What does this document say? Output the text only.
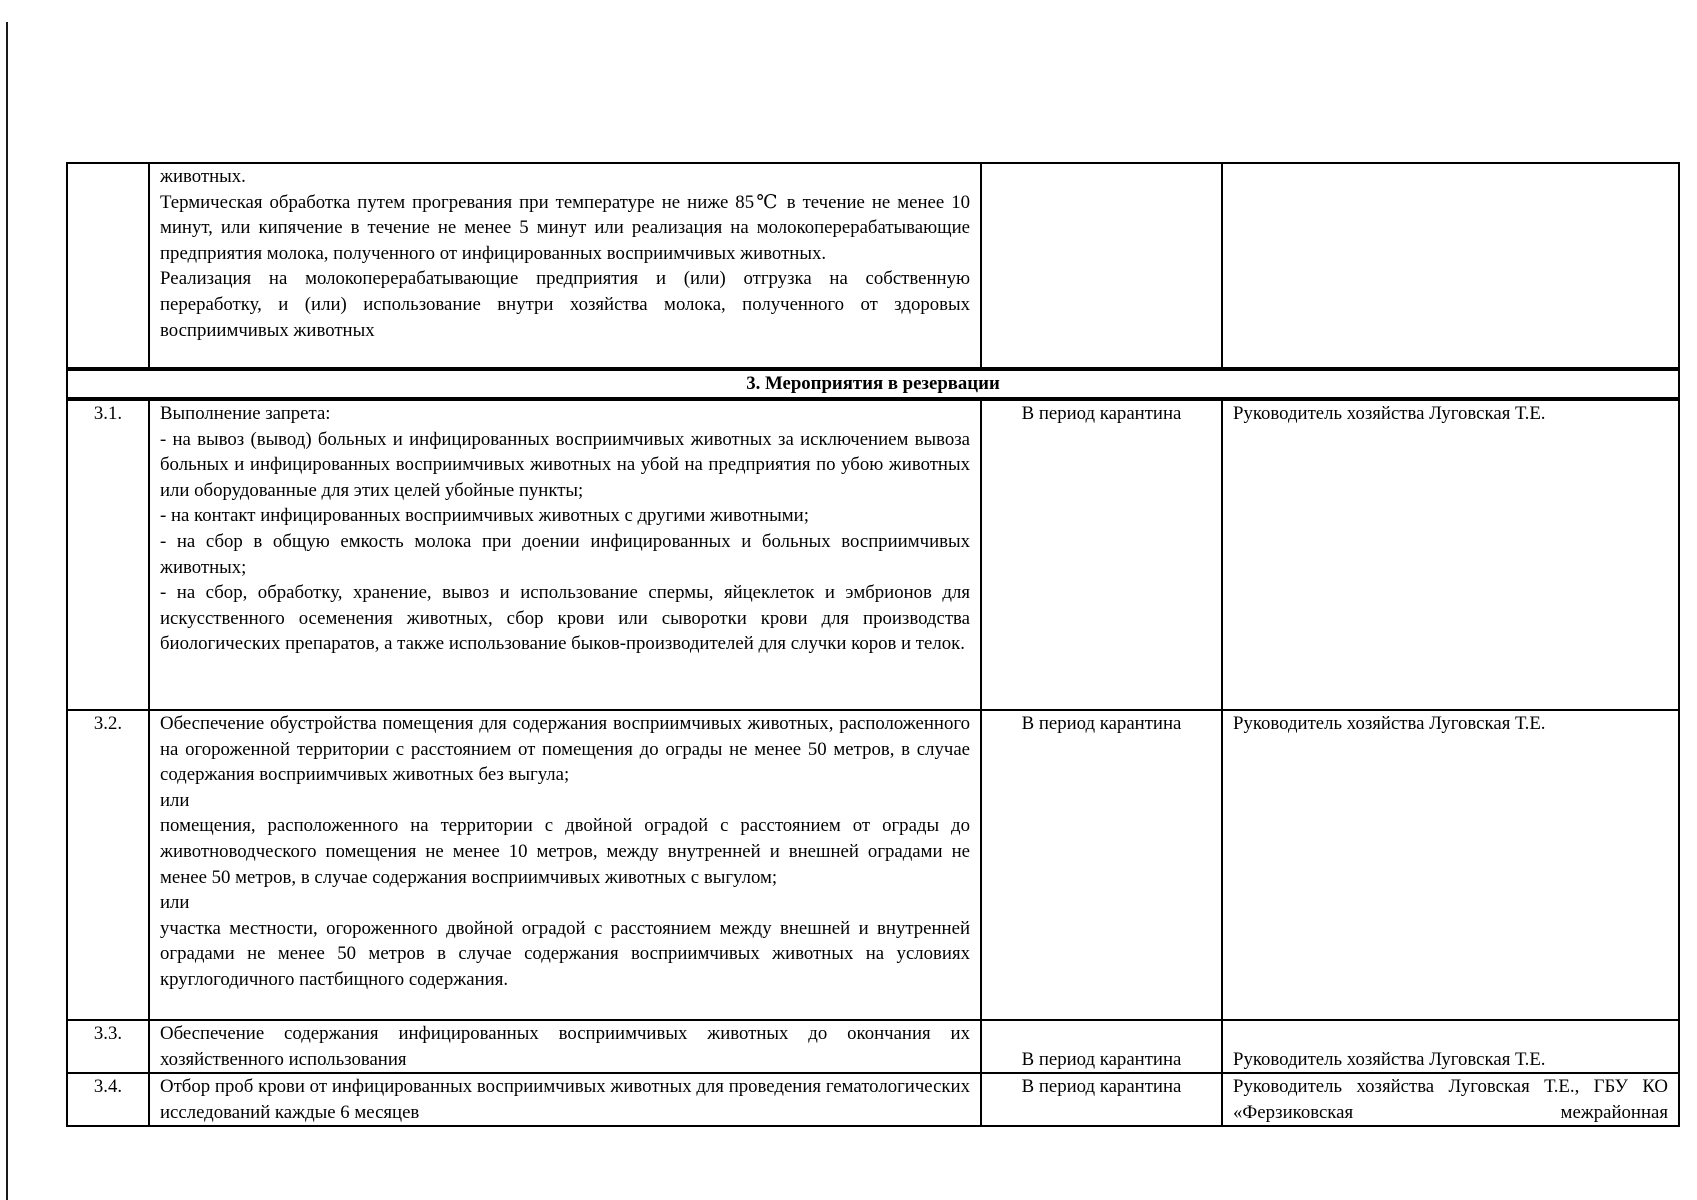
	животных.

Термическая обработка путем прогревания при температуре не ниже 85℃ в течение не менее 10 минут, или кипячение в течение не менее 5 минут или реализация на молокоперерабатывающие предприятия молока, полученного от инфицированных восприимчивых животных.

Реализация на молокоперерабатывающие предприятия и (или) отгрузка на собственную переработку, и (или) использование внутри хозяйства молока, полученного от здоровых восприимчивых животных		

3. Мероприятия в резервации			
3.1.	Выполнение запрета:

- на вывоз (вывод) больных и инфицированных восприимчивых животных за исключением вывоза больных и инфицированных восприимчивых животных на убой на предприятия по убою животных или оборудованные для этих целей убойные пункты;

- на контакт инфицированных восприимчивых животных с другими животными;

- на сбор в общую емкость молока при доении инфицированных и больных восприимчивых животных;

- на сбор, обработку, хранение, вывоз и использование спермы, яйцеклеток и эмбрионов для искусственного осеменения животных, сбор крови или сыворотки крови для производства биологических препаратов, а также использование быков-производителей для случки коров и телок.	В период карантина	Руководитель хозяйства Луговская Т.Е.
3.2.	Обеспечение обустройства помещения для содержания восприимчивых животных, расположенного на огороженной территории с расстоянием от помещения до ограды не менее 50 метров, в случае содержания восприимчивых животных без выгула;

или

помещения, расположенного на территории с двойной оградой с расстоянием от ограды до животноводческого помещения не менее 10 метров, между внутренней и внешней оградами не менее 50 метров, в случае содержания восприимчивых животных с выгулом;

или

участка местности, огороженного двойной оградой с расстоянием между внешней и внутренней оградами не менее 50 метров в случае содержания восприимчивых животных на условиях круглогодичного пастбищного содержания.	В период карантина	Руководитель хозяйства Луговская Т.Е.
3.3.	Обеспечение содержания инфицированных восприимчивых животных до окончания их хозяйственного использования	В период карантина	Руководитель хозяйства Луговская Т.Е.
3.4.	Отбор проб крови от инфицированных восприимчивых животных для проведения гематологических исследований каждые 6 месяцев	В период карантина	Руководитель хозяйства Луговская Т.Е., ГБУ КО «Ферзиковская межрайонная
